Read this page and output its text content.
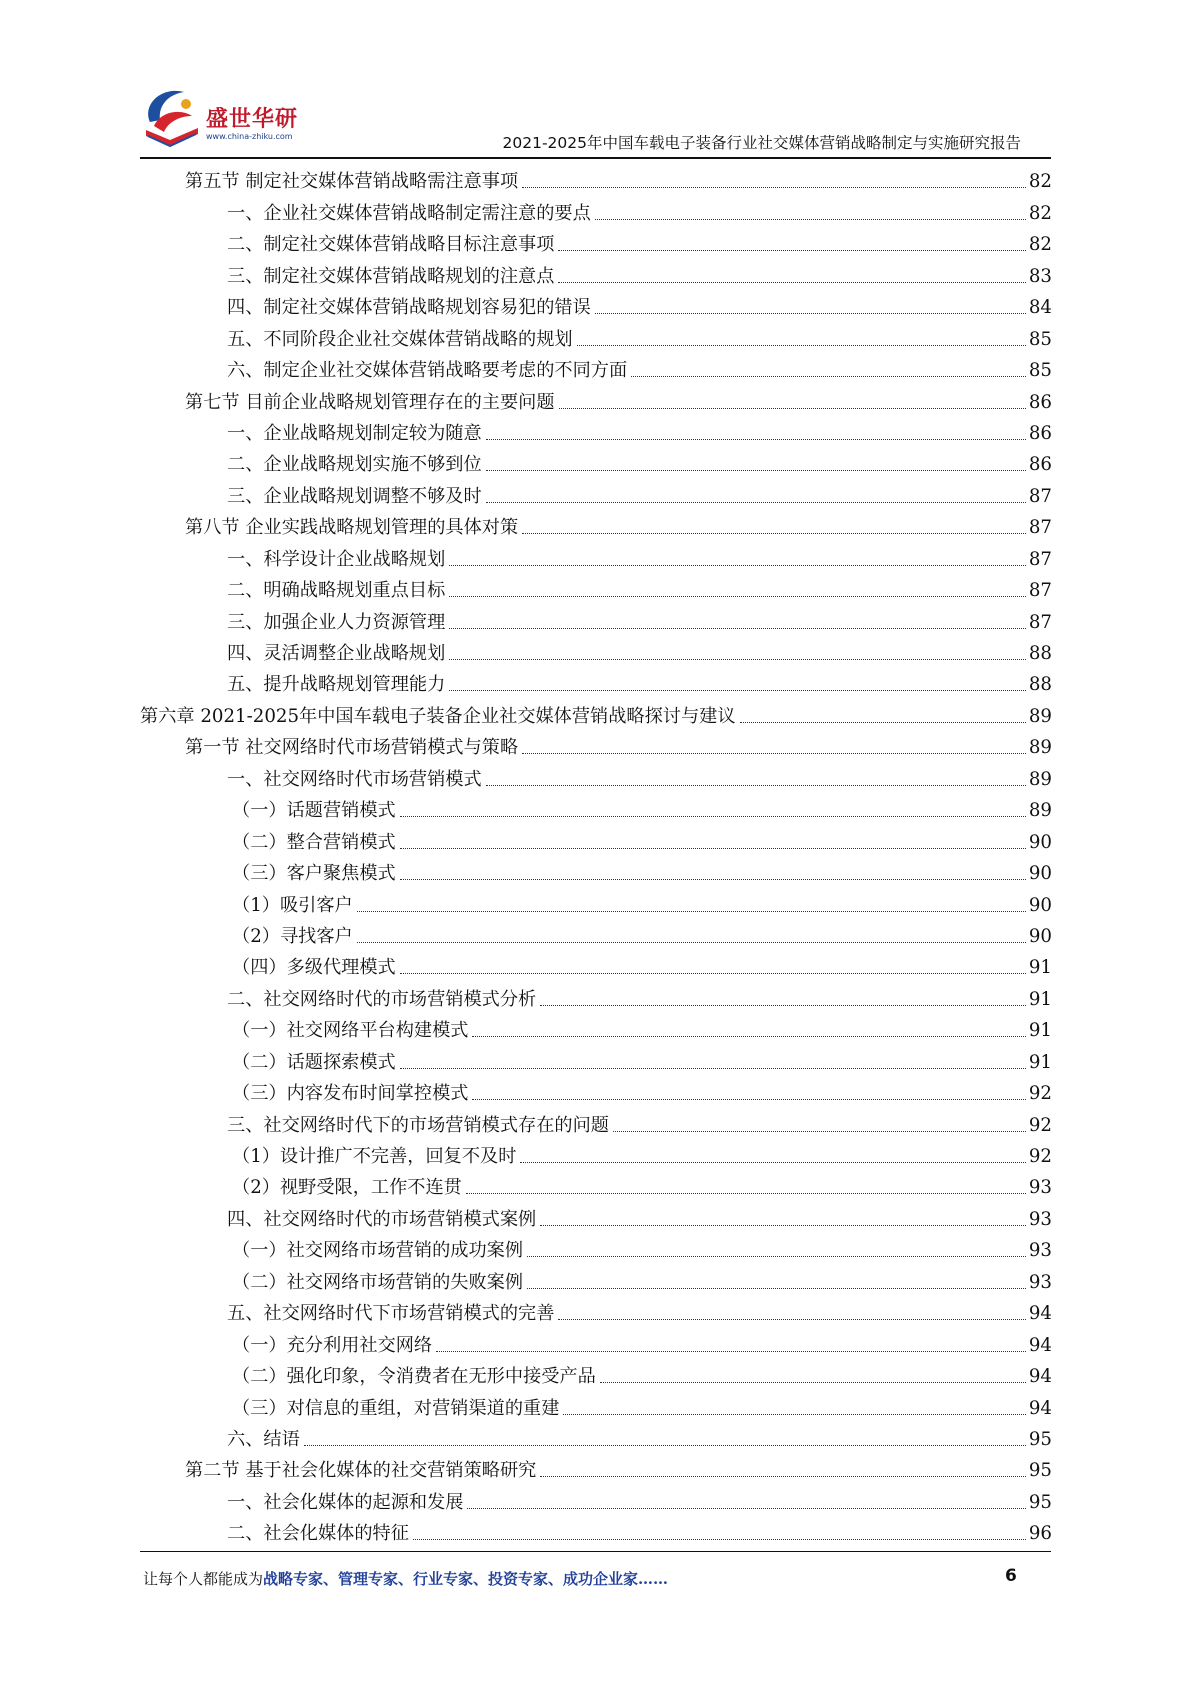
盛世华研
www.china-zhiku.com	2021-2025年中国车载电子装备行业社交媒体营销战略制定与实施研究报告
第五节 制定社交媒体营销战略需注意事项	82
一、企业社交媒体营销战略制定需注意的要点	82
二、制定社交媒体营销战略目标注意事项	82
三、制定社交媒体营销战略规划的注意点	83
四、制定社交媒体营销战略规划容易犯的错误	84
五、不同阶段企业社交媒体营销战略的规划	85
六、制定企业社交媒体营销战略要考虑的不同方面	85
第七节 目前企业战略规划管理存在的主要问题	86
一、企业战略规划制定较为随意	86
二、企业战略规划实施不够到位	86
三、企业战略规划调整不够及时	87
第八节 企业实践战略规划管理的具体对策	87
一、科学设计企业战略规划	87
二、明确战略规划重点目标	87
三、加强企业人力资源管理	87
四、灵活调整企业战略规划	88
五、提升战略规划管理能力	88
第六章 2021-2025年中国车载电子装备企业社交媒体营销战略探讨与建议	89
第一节 社交网络时代市场营销模式与策略	89
一、社交网络时代市场营销模式	89
（一）话题营销模式	89
（二）整合营销模式	90
（三）客户聚焦模式	90
（1）吸引客户	90
（2）寻找客户	90
（四）多级代理模式	91
二、社交网络时代的市场营销模式分析	91
（一）社交网络平台构建模式	91
（二）话题探索模式	91
（三）内容发布时间掌控模式	92
三、社交网络时代下的市场营销模式存在的问题	92
（1）设计推广不完善，回复不及时	92
（2）视野受限，工作不连贯	93
四、社交网络时代的市场营销模式案例	93
（一）社交网络市场营销的成功案例	93
（二）社交网络市场营销的失败案例	93
五、社交网络时代下市场营销模式的完善	94
（一）充分利用社交网络	94
（二）强化印象，令消费者在无形中接受产品	94
（三）对信息的重组，对营销渠道的重建	94
六、结语	95
第二节 基于社会化媒体的社交营销策略研究	95
一、社会化媒体的起源和发展	95
二、社会化媒体的特征	96
让每个人都能成为战略专家、管理专家、行业专家、投资专家、成功企业家……	6
